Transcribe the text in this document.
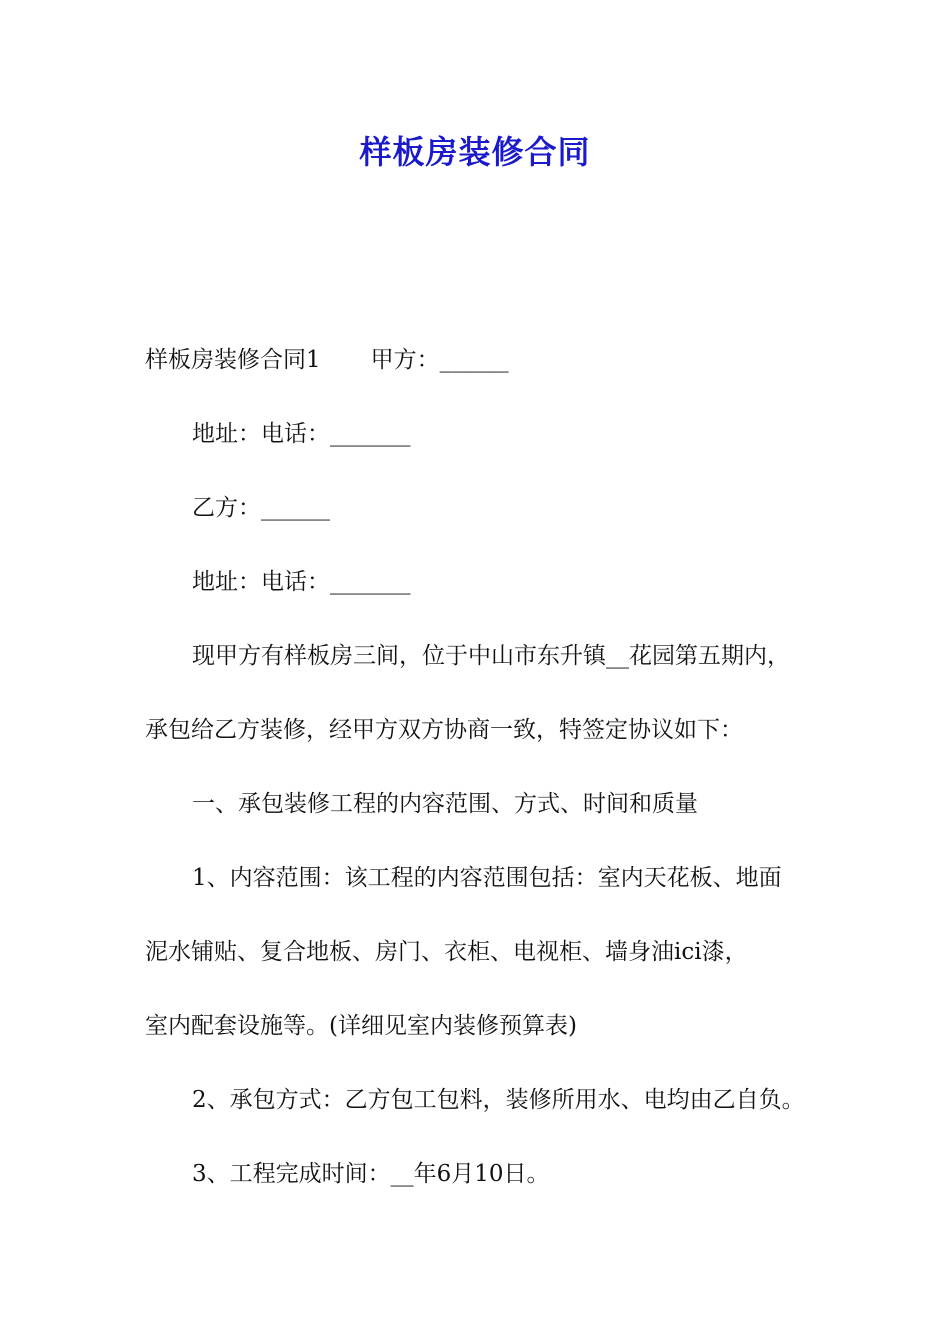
样板房装修合同
样板房装修合同1 甲方：______
地址：电话：_______
乙方：______
地址：电话：_______
现甲方有样板房三间，位于中山市东升镇__花园第五期内，
承包给乙方装修，经甲方双方协商一致，特签定协议如下：
一、承包装修工程的内容范围、方式、时间和质量
1、内容范围：该工程的内容范围包括：室内天花板、地面
泥水铺贴、复合地板、房门、衣柜、电视柜、墙身油ici漆，
室内配套设施等。(详细见室内装修预算表)
2、承包方式：乙方包工包料，装修所用水、电均由乙自负。
3、工程完成时间：__年6月10日。
